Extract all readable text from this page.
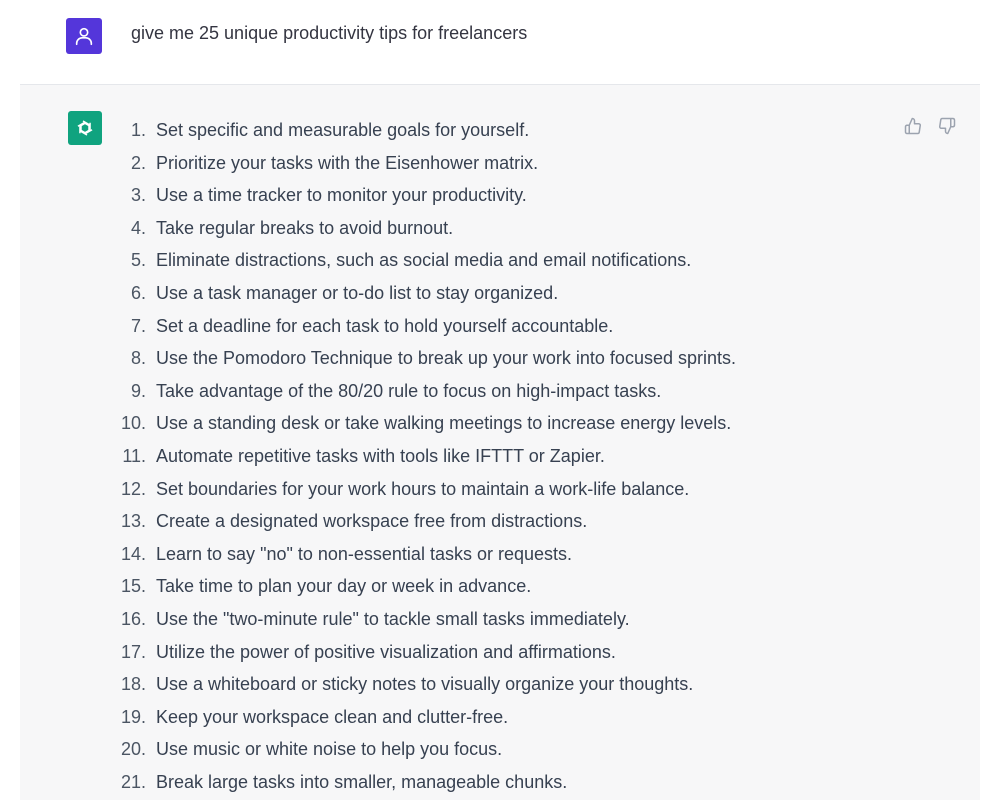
give me 25 unique productivity tips for freelancers
1. Set specific and measurable goals for yourself.
2. Prioritize your tasks with the Eisenhower matrix.
3. Use a time tracker to monitor your productivity.
4. Take regular breaks to avoid burnout.
5. Eliminate distractions, such as social media and email notifications.
6. Use a task manager or to-do list to stay organized.
7. Set a deadline for each task to hold yourself accountable.
8. Use the Pomodoro Technique to break up your work into focused sprints.
9. Take advantage of the 80/20 rule to focus on high-impact tasks.
10. Use a standing desk or take walking meetings to increase energy levels.
11. Automate repetitive tasks with tools like IFTTT or Zapier.
12. Set boundaries for your work hours to maintain a work-life balance.
13. Create a designated workspace free from distractions.
14. Learn to say "no" to non-essential tasks or requests.
15. Take time to plan your day or week in advance.
16. Use the "two-minute rule" to tackle small tasks immediately.
17. Utilize the power of positive visualization and affirmations.
18. Use a whiteboard or sticky notes to visually organize your thoughts.
19. Keep your workspace clean and clutter-free.
20. Use music or white noise to help you focus.
21. Break large tasks into smaller, manageable chunks.
